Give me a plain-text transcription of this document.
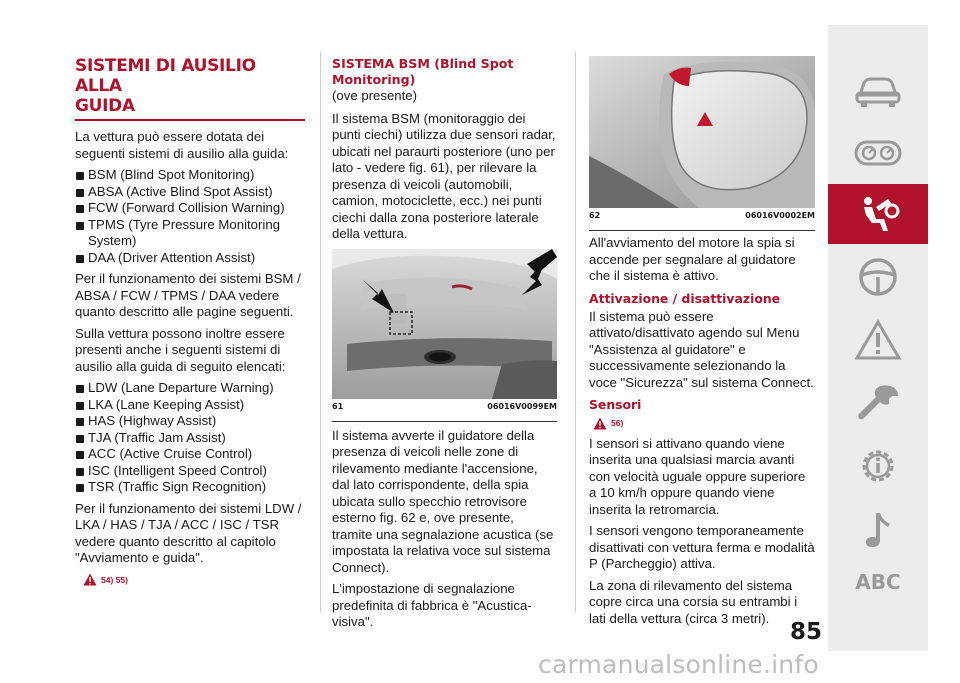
SISTEMI DI AUSILIO ALLA
GUIDA

La vettura può essere dotata dei seguenti sistemi di ausilio alla guida:

BSM (Blind Spot Monitoring)
ABSA (Active Blind Spot Assist)
FCW (Forward Collision Warning)
TPMS (Tyre Pressure Monitoring System)
DAA (Driver Attention Assist)

Per il funzionamento dei sistemi BSM / ABSA / FCW / TPMS / DAA vedere quanto descritto alle pagine seguenti.

Sulla vettura possono inoltre essere presenti anche i seguenti sistemi di ausilio alla guida di seguito elencati:

LDW (Lane Departure Warning)
LKA (Lane Keeping Assist)
HAS (Highway Assist)
TJA (Traffic Jam Assist)
ACC (Active Cruise Control)
ISC (Intelligent Speed Control)
TSR (Traffic Sign Recognition)

Per il funzionamento dei sistemi LDW / LKA / HAS / TJA / ACC / ISC / TSR vedere quanto descritto al capitolo "Avviamento e guida".

54) 55)
SISTEMA BSM (Blind Spot Monitoring)

(ove presente)

Il sistema BSM (monitoraggio dei punti ciechi) utilizza due sensori radar, ubicati nel paraurti posteriore (uno per lato - vedere fig. 61), per rilevare la presenza di veicoli (automobili, camion, motociclette, ecc.) nei punti ciechi dalla zona posteriore laterale della vettura.

61	06016V0099EM

Il sistema avverte il guidatore della presenza di veicoli nelle zone di rilevamento mediante l'accensione, dal lato corrispondente, della spia ubicata sullo specchio retrovisore esterno fig. 62 e, ove presente, tramite una segnalazione acustica (se impostata la relativa voce sul sistema Connect).

L'impostazione di segnalazione predefinita di fabbrica è "Acustica-visiva".

62	06016V0002EM

All'avviamento del motore la spia si accende per segnalare al guidatore che il sistema è attivo.

Attivazione / disattivazione

Il sistema può essere attivato/disattivato agendo sul Menu "Assistenza al guidatore" e successivamente selezionando la voce "Sicurezza" sul sistema Connect.

Sensori
56)

I sensori si attivano quando viene inserita una qualsiasi marcia avanti con velocità uguale oppure superiore a 10 km/h oppure quando viene inserita la retromarcia.

I sensori vengono temporaneamente disattivati con vettura ferma e modalità P (Parcheggio) attiva.

La zona di rilevamento del sistema copre circa una corsia su entrambi i lati della vettura (circa 3 metri).

ABC
85
carmanualsonline.info
